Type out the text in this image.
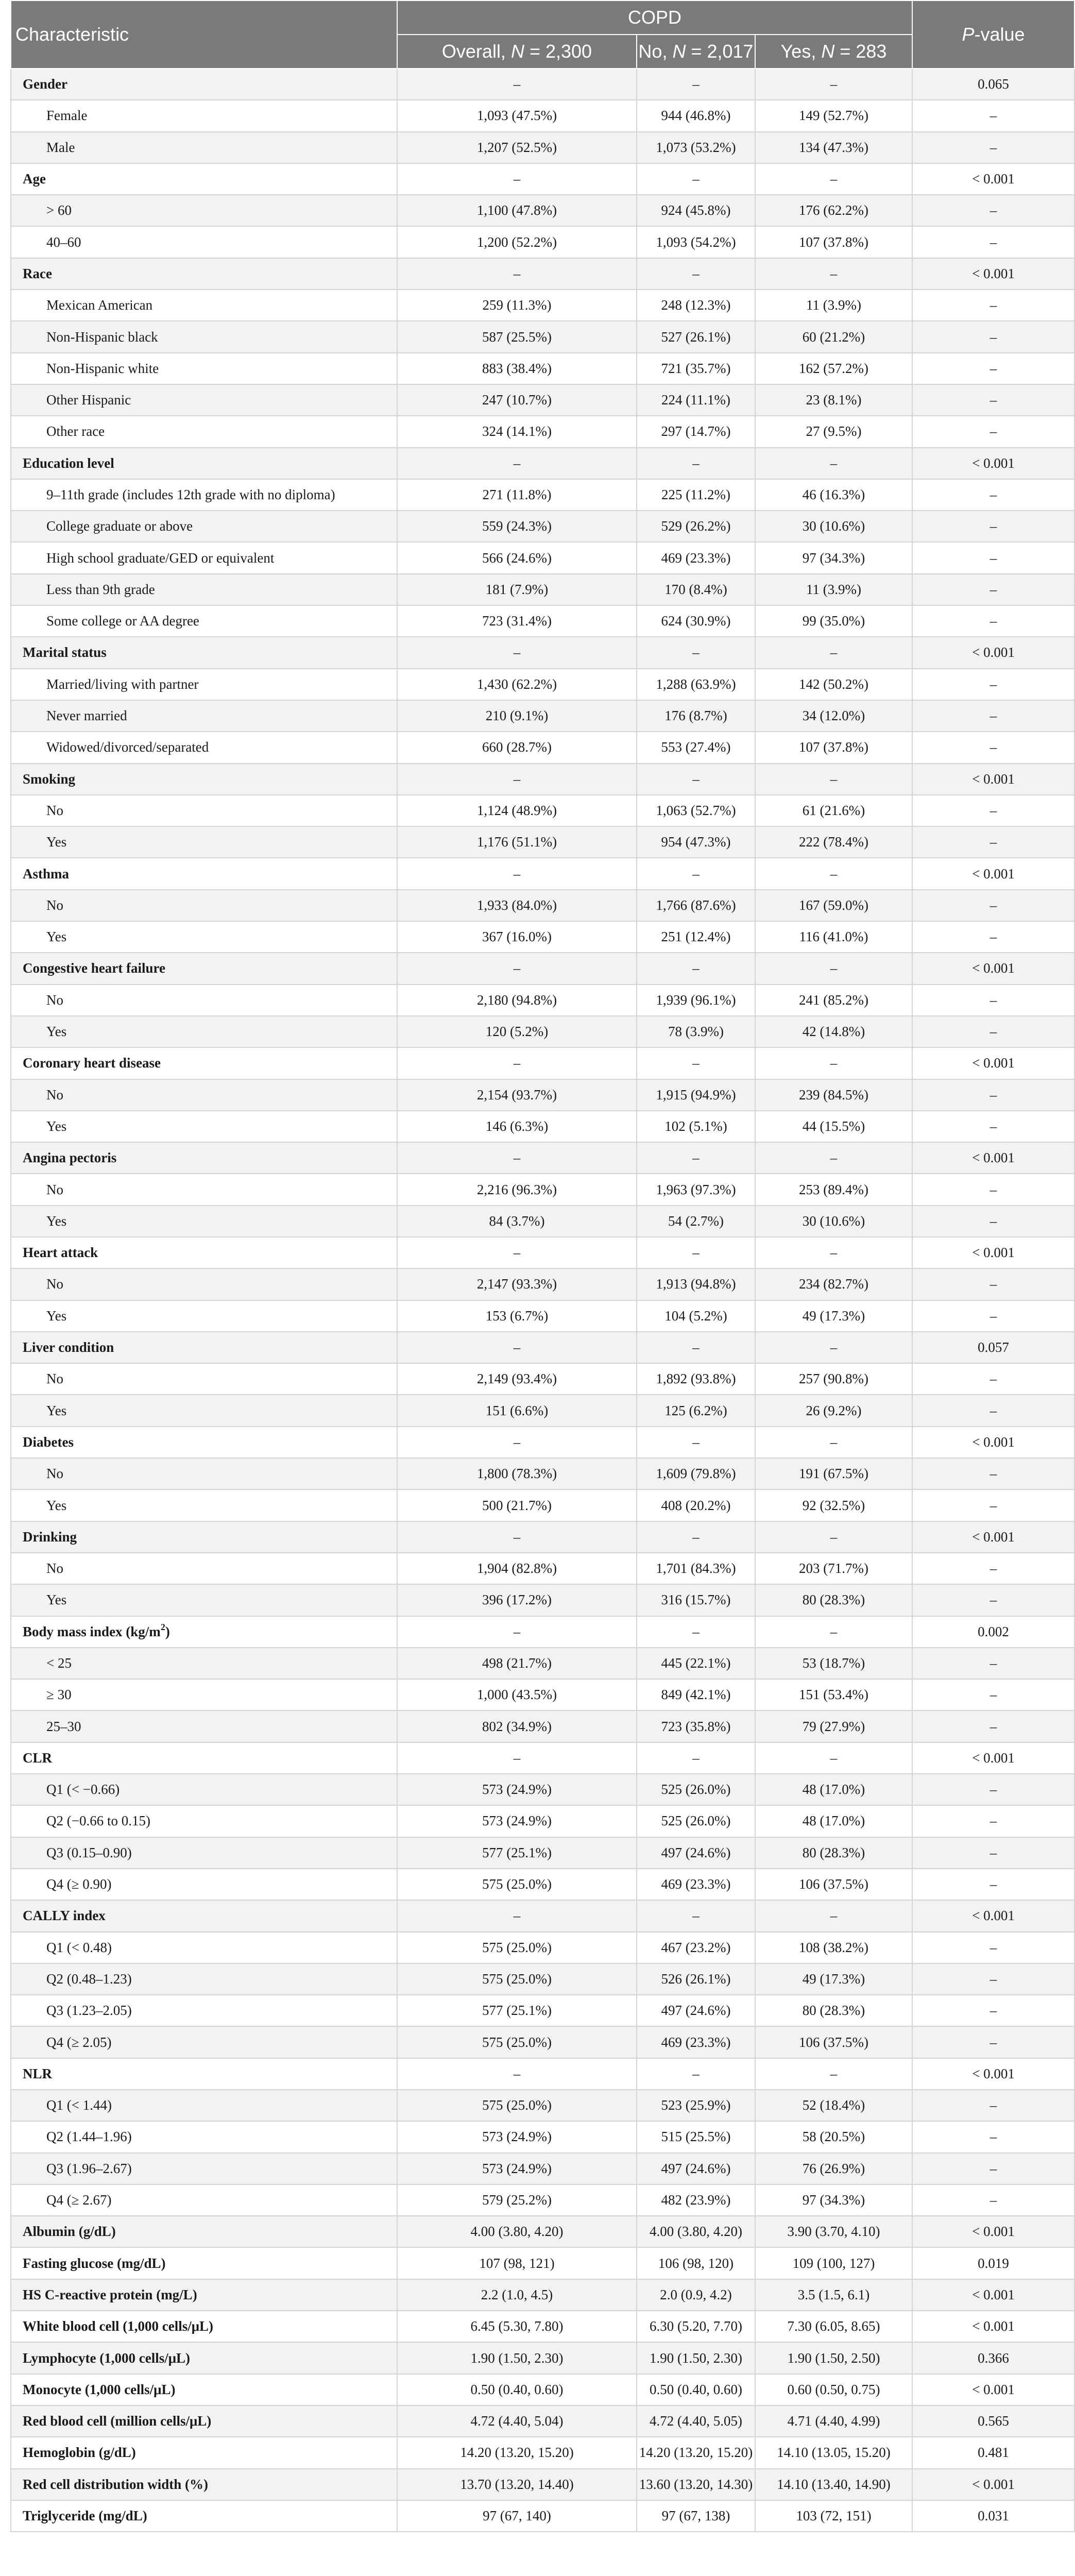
Characteristic	COPD			P-value
	Overall, N = 2,300	No, N = 2,017	Yes, N = 283	
Gender	–	–	–	0.065
Female	1,093 (47.5%)	944 (46.8%)	149 (52.7%)	–
Male	1,207 (52.5%)	1,073 (53.2%)	134 (47.3%)	–
Age	–	–	–	< 0.001
> 60	1,100 (47.8%)	924 (45.8%)	176 (62.2%)	–
40–60	1,200 (52.2%)	1,093 (54.2%)	107 (37.8%)	–
Race	–	–	–	< 0.001
Mexican American	259 (11.3%)	248 (12.3%)	11 (3.9%)	–
Non-Hispanic black	587 (25.5%)	527 (26.1%)	60 (21.2%)	–
Non-Hispanic white	883 (38.4%)	721 (35.7%)	162 (57.2%)	–
Other Hispanic	247 (10.7%)	224 (11.1%)	23 (8.1%)	–
Other race	324 (14.1%)	297 (14.7%)	27 (9.5%)	–
Education level	–	–	–	< 0.001
9–11th grade (includes 12th grade with no diploma)	271 (11.8%)	225 (11.2%)	46 (16.3%)	–
College graduate or above	559 (24.3%)	529 (26.2%)	30 (10.6%)	–
High school graduate/GED or equivalent	566 (24.6%)	469 (23.3%)	97 (34.3%)	–
Less than 9th grade	181 (7.9%)	170 (8.4%)	11 (3.9%)	–
Some college or AA degree	723 (31.4%)	624 (30.9%)	99 (35.0%)	–
Marital status	–	–	–	< 0.001
Married/living with partner	1,430 (62.2%)	1,288 (63.9%)	142 (50.2%)	–
Never married	210 (9.1%)	176 (8.7%)	34 (12.0%)	–
Widowed/divorced/separated	660 (28.7%)	553 (27.4%)	107 (37.8%)	–
Smoking	–	–	–	< 0.001
No	1,124 (48.9%)	1,063 (52.7%)	61 (21.6%)	–
Yes	1,176 (51.1%)	954 (47.3%)	222 (78.4%)	–
Asthma	–	–	–	< 0.001
No	1,933 (84.0%)	1,766 (87.6%)	167 (59.0%)	–
Yes	367 (16.0%)	251 (12.4%)	116 (41.0%)	–
Congestive heart failure	–	–	–	< 0.001
No	2,180 (94.8%)	1,939 (96.1%)	241 (85.2%)	–
Yes	120 (5.2%)	78 (3.9%)	42 (14.8%)	–
Coronary heart disease	–	–	–	< 0.001
No	2,154 (93.7%)	1,915 (94.9%)	239 (84.5%)	–
Yes	146 (6.3%)	102 (5.1%)	44 (15.5%)	–
Angina pectoris	–	–	–	< 0.001
No	2,216 (96.3%)	1,963 (97.3%)	253 (89.4%)	–
Yes	84 (3.7%)	54 (2.7%)	30 (10.6%)	–
Heart attack	–	–	–	< 0.001
No	2,147 (93.3%)	1,913 (94.8%)	234 (82.7%)	–
Yes	153 (6.7%)	104 (5.2%)	49 (17.3%)	–
Liver condition	–	–	–	0.057
No	2,149 (93.4%)	1,892 (93.8%)	257 (90.8%)	–
Yes	151 (6.6%)	125 (6.2%)	26 (9.2%)	–
Diabetes	–	–	–	< 0.001
No	1,800 (78.3%)	1,609 (79.8%)	191 (67.5%)	–
Yes	500 (21.7%)	408 (20.2%)	92 (32.5%)	–
Drinking	–	–	–	< 0.001
No	1,904 (82.8%)	1,701 (84.3%)	203 (71.7%)	–
Yes	396 (17.2%)	316 (15.7%)	80 (28.3%)	–
Body mass index $(kg/m^2)$	–	–	–	0.002
< 25	498 (21.7%)	445 (22.1%)	53 (18.7%)	–
≥ 30	1,000 (43.5%)	849 (42.1%)	151 (53.4%)	–
25–30	802 (34.9%)	723 (35.8%)	79 (27.9%)	–
CLR	–	–	–	< 0.001
Q1 (< −0.66)	573 (24.9%)	525 (26.0%)	48 (17.0%)	–
Q2 (−0.66 to 0.15)	573 (24.9%)	525 (26.0%)	48 (17.0%)	–
Q3 (0.15–0.90)	577 (25.1%)	497 (24.6%)	80 (28.3%)	–
Q4 (≥ 0.90)	575 (25.0%)	469 (23.3%)	106 (37.5%)	–
CALLY index	–	–	–	< 0.001
Q1 (< 0.48)	575 (25.0%)	467 (23.2%)	108 (38.2%)	–
Q2 (0.48–1.23)	575 (25.0%)	526 (26.1%)	49 (17.3%)	–
Q3 (1.23–2.05)	577 (25.1%)	497 (24.6%)	80 (28.3%)	–
Q4 (≥ 2.05)	575 (25.0%)	469 (23.3%)	106 (37.5%)	–
NLR	–	–	–	< 0.001
Q1 (< 1.44)	575 (25.0%)	523 (25.9%)	52 (18.4%)	–
Q2 (1.44–1.96)	573 (24.9%)	515 (25.5%)	58 (20.5%)	–
Q3 (1.96–2.67)	573 (24.9%)	497 (24.6%)	76 (26.9%)	–
Q4 (≥ 2.67)	579 (25.2%)	482 (23.9%)	97 (34.3%)	–
Albumin (g/dL)	4.00 (3.80, 4.20)	4.00 (3.80, 4.20)	3.90 (3.70, 4.10)	< 0.001
Fasting glucose (mg/dL)	107 (98, 121)	106 (98, 120)	109 (100, 127)	0.019
HS C-reactive protein (mg/L)	2.2 (1.0, 4.5)	2.0 (0.9, 4.2)	3.5 (1.5, 6.1)	< 0.001
White blood cell (1,000 cells/μL)	6.45 (5.30, 7.80)	6.30 (5.20, 7.70)	7.30 (6.05, 8.65)	< 0.001
Lymphocyte (1,000 cells/μL)	1.90 (1.50, 2.30)	1.90 (1.50, 2.30)	1.90 (1.50, 2.50)	0.366
Monocyte (1,000 cells/μL)	0.50 (0.40, 0.60)	0.50 (0.40, 0.60)	0.60 (0.50, 0.75)	< 0.001
Red blood cell (million cells/μL)	4.72 (4.40, 5.04)	4.72 (4.40, 5.05)	4.71 (4.40, 4.99)	0.565
Hemoglobin (g/dL)	14.20 (13.20, 15.20)	14.20 (13.20, 15.20)	14.10 (13.05, 15.20)	0.481
Red cell distribution width (%)	13.70 (13.20, 14.40)	13.60 (13.20, 14.30)	14.10 (13.40, 14.90)	< 0.001
Triglyceride (mg/dL)	97 (67, 140)	97 (67, 138)	103 (72, 151)	0.031
